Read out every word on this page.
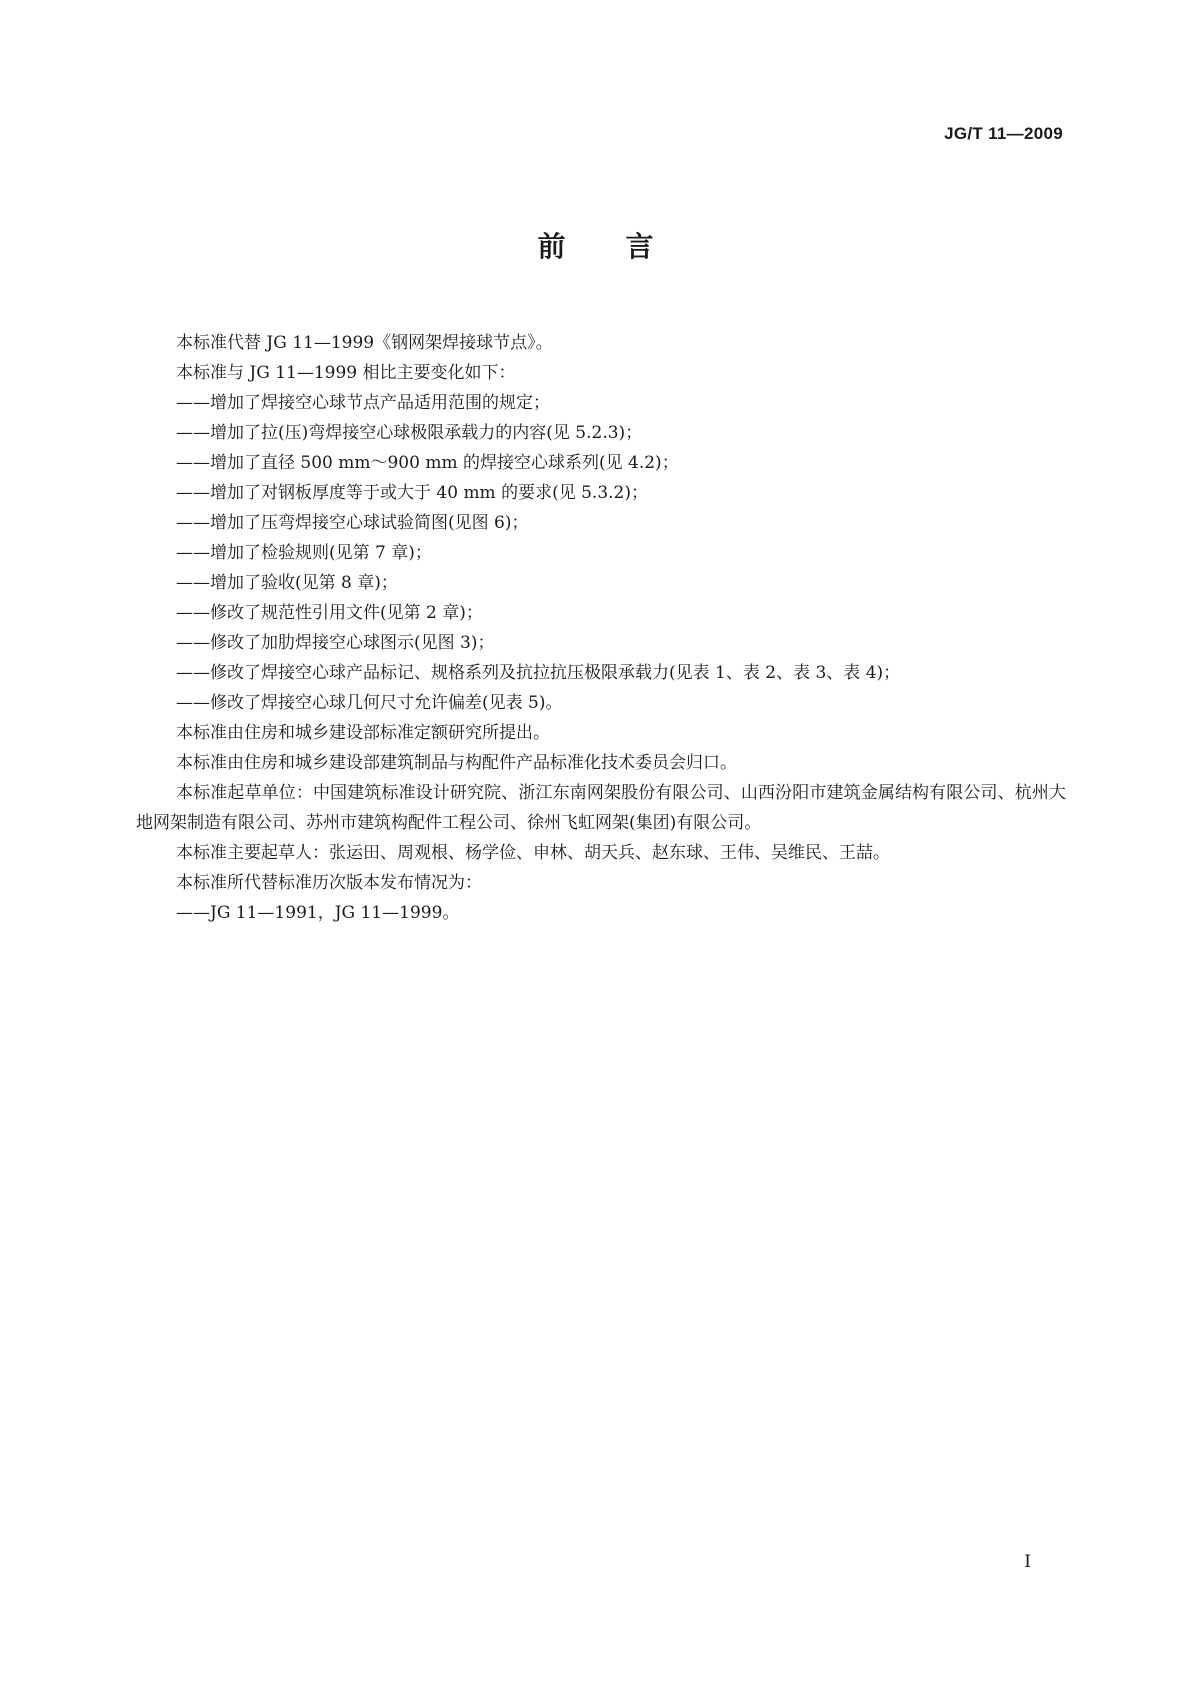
JG/T 11—2009
前言
本标准代替 JG 11—1999《钢网架焊接球节点》。
本标准与 JG 11—1999 相比主要变化如下：
——增加了焊接空心球节点产品适用范围的规定；
——增加了拉(压)弯焊接空心球极限承载力的内容(见 5.2.3)；
——增加了直径 500 mm～900 mm 的焊接空心球系列(见 4.2)；
——增加了对钢板厚度等于或大于 40 mm 的要求(见 5.3.2)；
——增加了压弯焊接空心球试验简图(见图 6)；
——增加了检验规则(见第 7 章)；
——增加了验收(见第 8 章)；
——修改了规范性引用文件(见第 2 章)；
——修改了加肋焊接空心球图示(见图 3)；
——修改了焊接空心球产品标记、规格系列及抗拉抗压极限承载力(见表 1、表 2、表 3、表 4)；
——修改了焊接空心球几何尺寸允许偏差(见表 5)。
本标准由住房和城乡建设部标准定额研究所提出。
本标准由住房和城乡建设部建筑制品与构配件产品标准化技术委员会归口。
本标准起草单位：中国建筑标准设计研究院、浙江东南网架股份有限公司、山西汾阳市建筑金属结构有限公司、杭州大地网架制造有限公司、苏州市建筑构配件工程公司、徐州飞虹网架(集团)有限公司。
本标准主要起草人：张运田、周观根、杨学俭、申林、胡天兵、赵东球、王伟、吴维民、王喆。
本标准所代替标准历次版本发布情况为：
——JG 11—1991，JG 11—1999。
I
